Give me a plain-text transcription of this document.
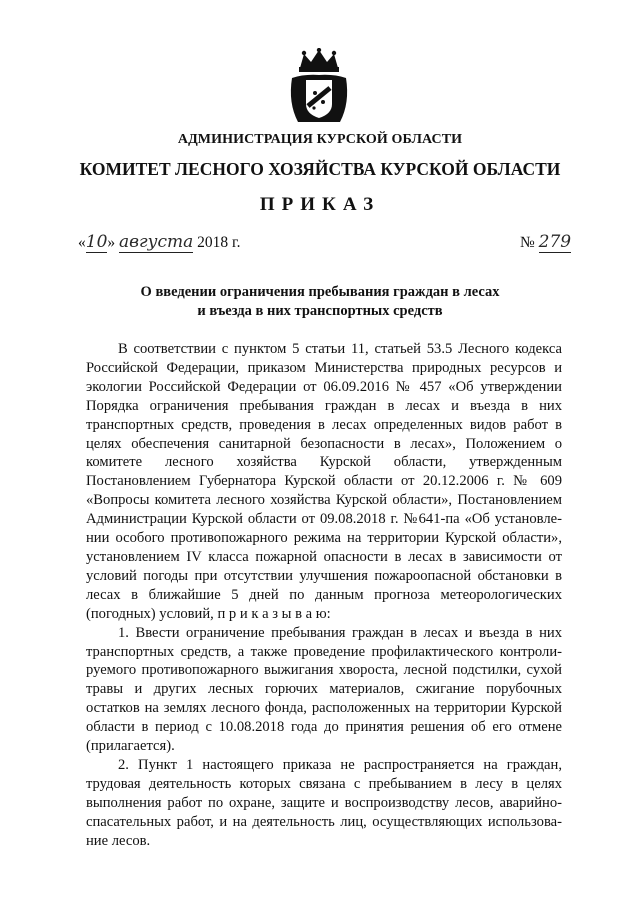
АДМИНИСТРАЦИЯ КУРСКОЙ ОБЛАСТИ
КОМИТЕТ ЛЕСНОГО ХОЗЯЙСТВА КУРСКОЙ ОБЛАСТИ
ПРИКАЗ
«10» августа 2018 г.	№ 279
О введении ограничения пребывания граждан в лесах
и въезда в них транспортных средств

В соответствии с пунктом 5 статьи 11, статьей 53.5 Лесного кодекса Российской Федерации, приказом Министерства природных ресурсов и экологии Российской Федерации от 06.09.2016 № 457 «Об утверждении Порядка ограничения пребывания граждан в лесах и въезда в них транспортных средств, проведения в лесах определенных видов работ в целях обеспечения санитарной безопасности в лесах», Положением о комитете лесного хозяйства Курской области, утвержденным Постановлением Губернатора Курской области от 20.12.2006 г. № 609 «Вопросы комитета лесного хозяйства Курской области», Постановлением Администрации Курской области от 09.08.2018 г. №641-па «Об установлении особого противопожарного режима на территории Курской области», установлением IV класса пожарной опасности в лесах в зависимости от условий погоды при отсутствии улучшения пожароопасной обстановки в лесах в ближайшие 5 дней по данным прогноза метеорологических (погодных) условий, п р и к а з ы в а ю:

1. Ввести ограничение пребывания граждан в лесах и въезда в них транспортных средств, а также проведение профилактического контролируемого противопожарного выжигания хвороста, лесной подстилки, сухой травы и других лесных горючих материалов, сжигание порубочных остатков на землях лесного фонда, расположенных на территории Курской области в период с 10.08.2018 года до принятия решения об его отмене (прилагается).

2. Пункт 1 настоящего приказа не распространяется на граждан, трудовая деятельность которых связана с пребыванием в лесу в целях выполнения работ по охране, защите и воспроизводству лесов, аварийно-спасательных работ, и на деятельность лиц, осуществляющих использование лесов.
